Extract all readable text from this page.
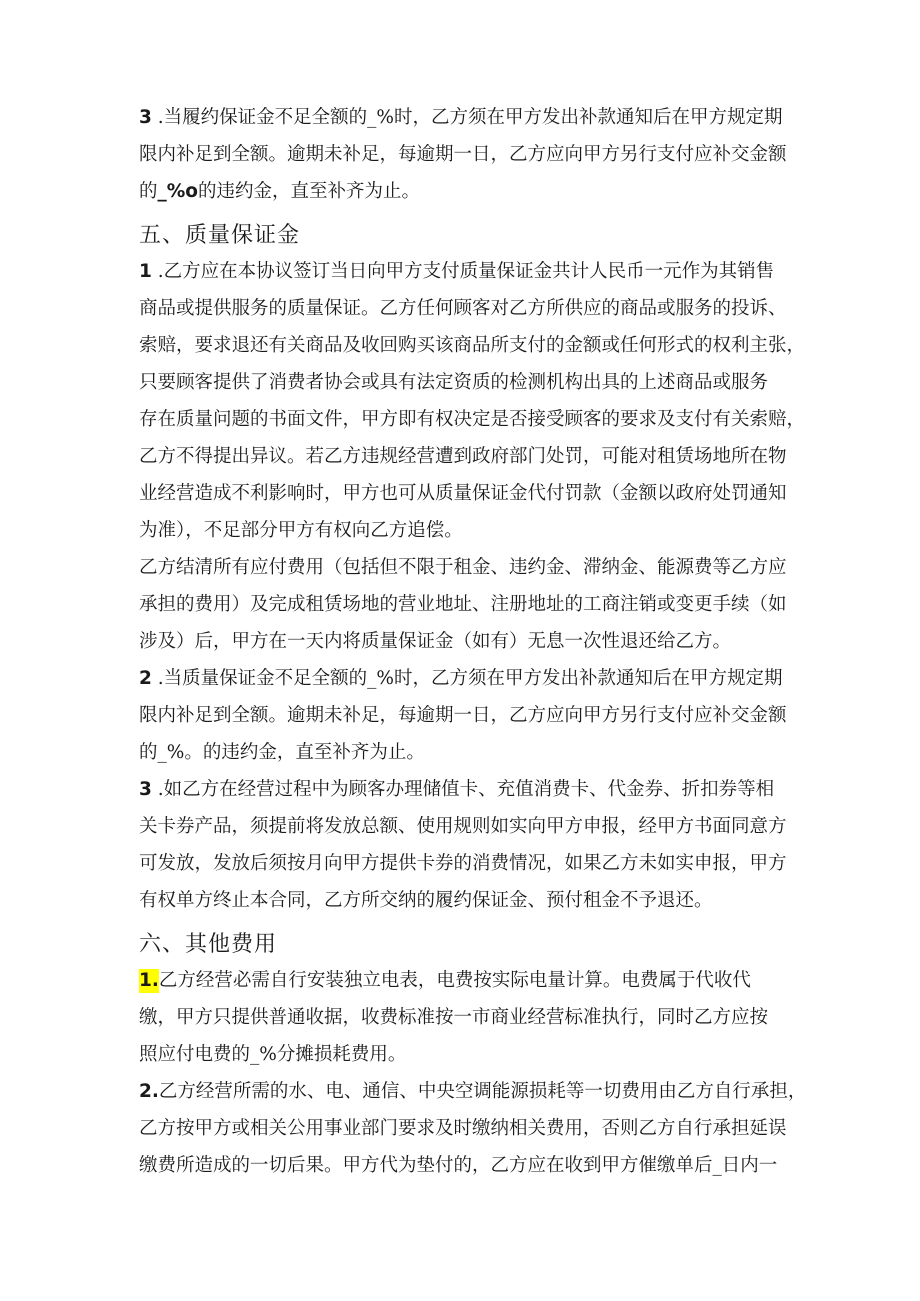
3 .当履约保证金不足全额的_%时，乙方须在甲方发出补款通知后在甲方规定期
限内补足到全额。逾期未补足，每逾期一日，乙方应向甲方另行支付应补交金额
的_%o的违约金，直至补齐为止。
五、质量保证金
1 .乙方应在本协议签订当日向甲方支付质量保证金共计人民币一元作为其销售
商品或提供服务的质量保证。乙方任何顾客对乙方所供应的商品或服务的投诉、
索赔，要求退还有关商品及收回购买该商品所支付的金额或任何形式的权利主张，
只要顾客提供了消费者协会或具有法定资质的检测机构出具的上述商品或服务
存在质量问题的书面文件，甲方即有权决定是否接受顾客的要求及支付有关索赔，
乙方不得提出异议。若乙方违规经营遭到政府部门处罚，可能对租赁场地所在物
业经营造成不利影响时，甲方也可从质量保证金代付罚款（金额以政府处罚通知
为准），不足部分甲方有权向乙方追偿。
乙方结清所有应付费用（包括但不限于租金、违约金、滞纳金、能源费等乙方应
承担的费用）及完成租赁场地的营业地址、注册地址的工商注销或变更手续（如
涉及）后，甲方在一天内将质量保证金（如有）无息一次性退还给乙方。
2 .当质量保证金不足全额的_%时，乙方须在甲方发出补款通知后在甲方规定期
限内补足到全额。逾期未补足，每逾期一日，乙方应向甲方另行支付应补交金额
的_%。的违约金，直至补齐为止。
3 .如乙方在经营过程中为顾客办理储值卡、充值消费卡、代金券、折扣券等相
关卡券产品，须提前将发放总额、使用规则如实向甲方申报，经甲方书面同意方
可发放，发放后须按月向甲方提供卡券的消费情况，如果乙方未如实申报，甲方
有权单方终止本合同，乙方所交纳的履约保证金、预付租金不予退还。
六、其他费用
1.乙方经营必需自行安装独立电表，电费按实际电量计算。电费属于代收代
缴，甲方只提供普通收据，收费标准按一市商业经营标准执行，同时乙方应按
照应付电费的_%分摊损耗费用。
2.乙方经营所需的水、电、通信、中央空调能源损耗等一切费用由乙方自行承担，
乙方按甲方或相关公用事业部门要求及时缴纳相关费用，否则乙方自行承担延误
缴费所造成的一切后果。甲方代为垫付的，乙方应在收到甲方催缴单后_日内一
